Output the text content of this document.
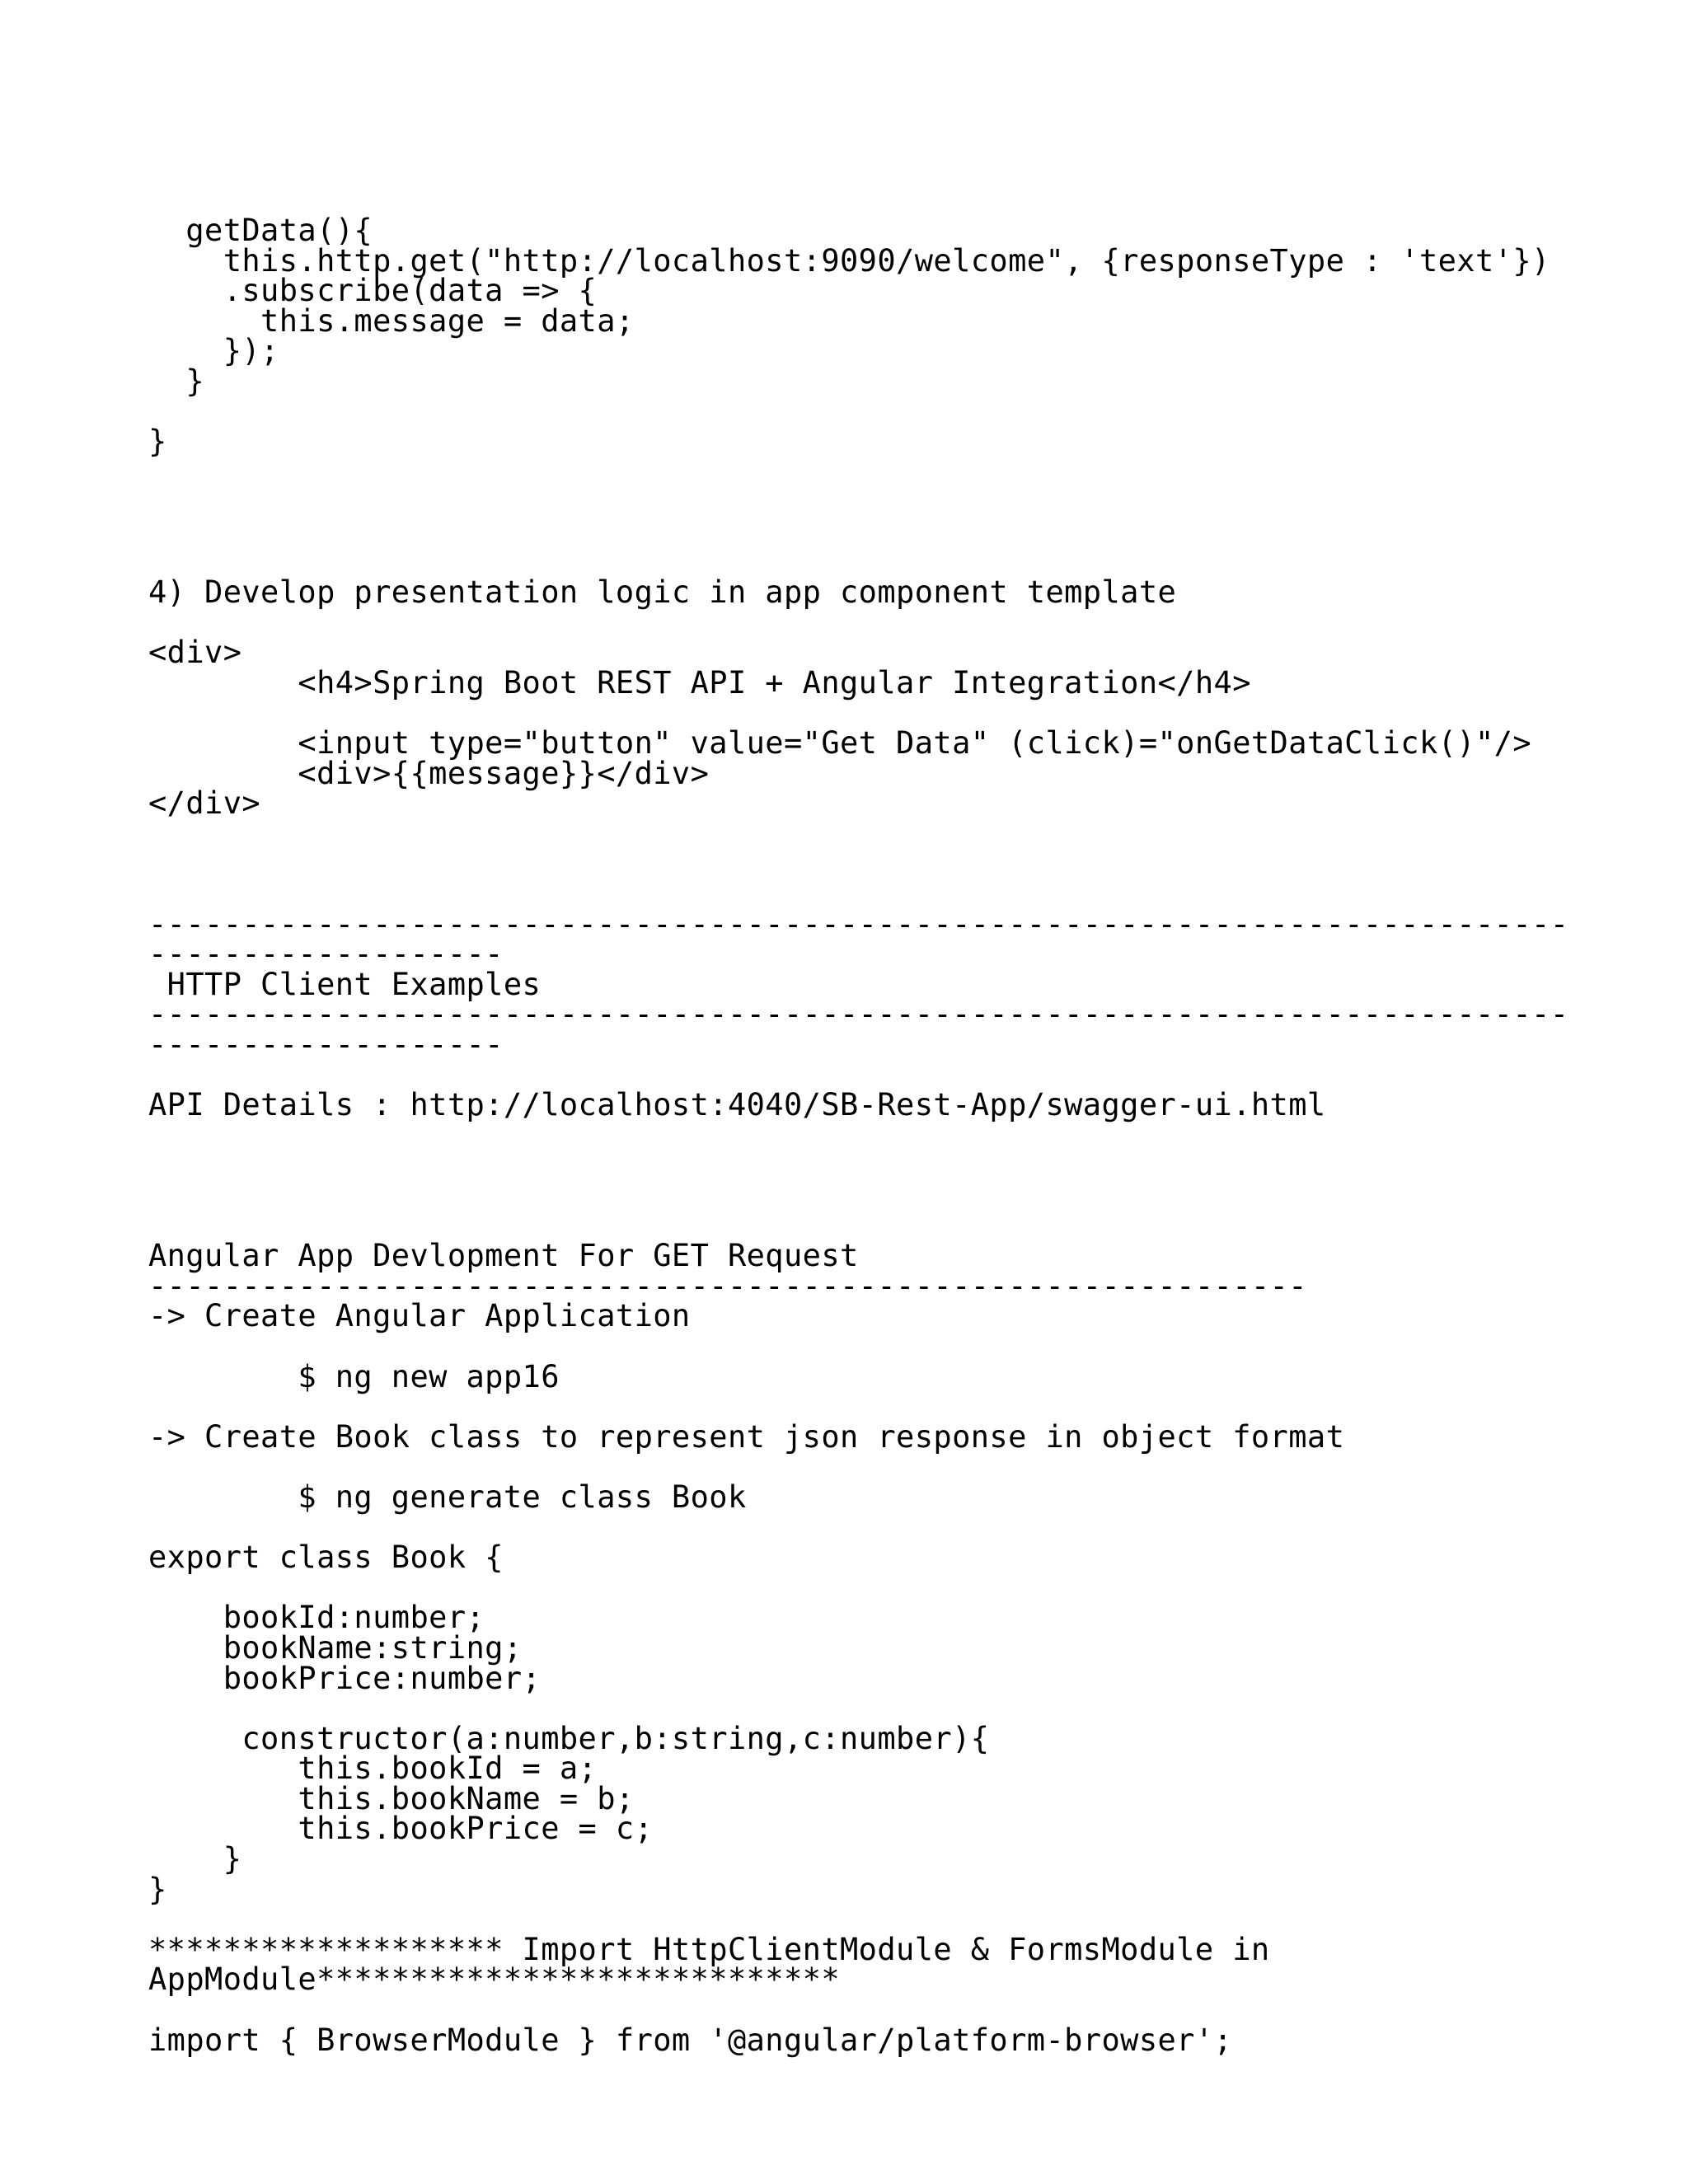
getData(){
this.http.get("http://localhost:9090/welcome", {responseType : 'text'})
.subscribe(data => {
this.message = data;
});
}
}
4) Develop presentation logic in app component template
<div>
<h4>Spring Boot REST API + Angular Integration</h4>
<input type="button" value="Get Data" (click)="onGetDataClick()"/>
<div>{{message}}</div>
</div>
----------------------------------------------------------------------------
-------------------
HTTP Client Examples
----------------------------------------------------------------------------
-------------------
API Details : http://localhost:4040/SB-Rest-App/swagger-ui.html
Angular App Devlopment For GET Request
--------------------------------------------------------------
-> Create Angular Application
$ ng new app16
-> Create Book class to represent json response in object format
$ ng generate class Book
export class Book {
bookId:number;
bookName:string;
bookPrice:number;
constructor(a:number,b:string,c:number){
this.bookId = a;
this.bookName = b;
this.bookPrice = c;
}
}
******************* Import HttpClientModule & FormsModule in
AppModule****************************
import { BrowserModule } from '@angular/platform-browser';
